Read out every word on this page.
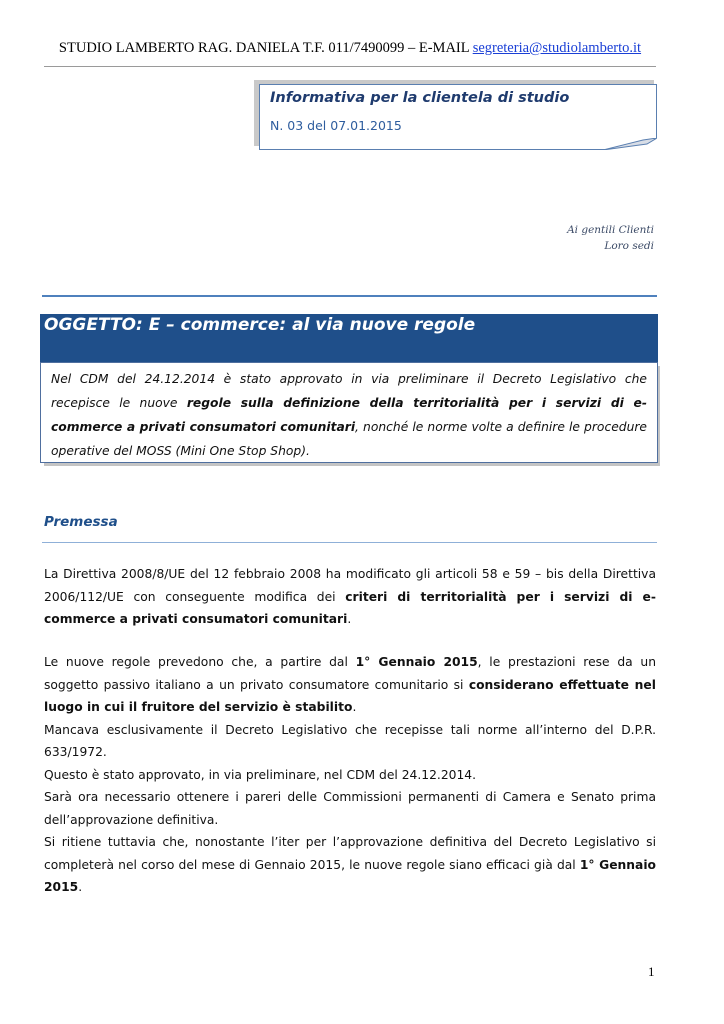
STUDIO LAMBERTO RAG. DANIELA T.F. 011/7490099 – E-MAIL segreteria@studiolamberto.it
Informativa per la clientela di studio
N. 03 del 07.01.2015
Ai gentili Clienti
Loro sedi
OGGETTO: E – commerce: al via nuove regole

Nel CDM del 24.12.2014 è stato approvato in via preliminare il Decreto Legislativo che recepisce le nuove regole sulla definizione della territorialità per i servizi di e-commerce a privati consumatori comunitari, nonché le norme volte a definire le procedure operative del MOSS (Mini One Stop Shop).

Premessa
La Direttiva 2008/8/UE del 12 febbraio 2008 ha modificato gli articoli 58 e 59 – bis della Direttiva 2006/112/UE con conseguente modifica dei criteri di territorialità per i servizi di e-commerce a privati consumatori comunitari.
Le nuove regole prevedono che, a partire dal 1° Gennaio 2015, le prestazioni rese da un soggetto passivo italiano a un privato consumatore comunitario si considerano effettuate nel luogo in cui il fruitore del servizio è stabilito.
Mancava esclusivamente il Decreto Legislativo che recepisse tali norme all’interno del D.P.R. 633/1972.
Questo è stato approvato, in via preliminare, nel CDM del 24.12.2014.
Sarà ora necessario ottenere i pareri delle Commissioni permanenti di Camera e Senato prima dell’approvazione definitiva.
Si ritiene tuttavia che, nonostante l’iter per l’approvazione definitiva del Decreto Legislativo si completerà nel corso del mese di Gennaio 2015, le nuove regole siano efficaci già dal 1° Gennaio 2015.
1
